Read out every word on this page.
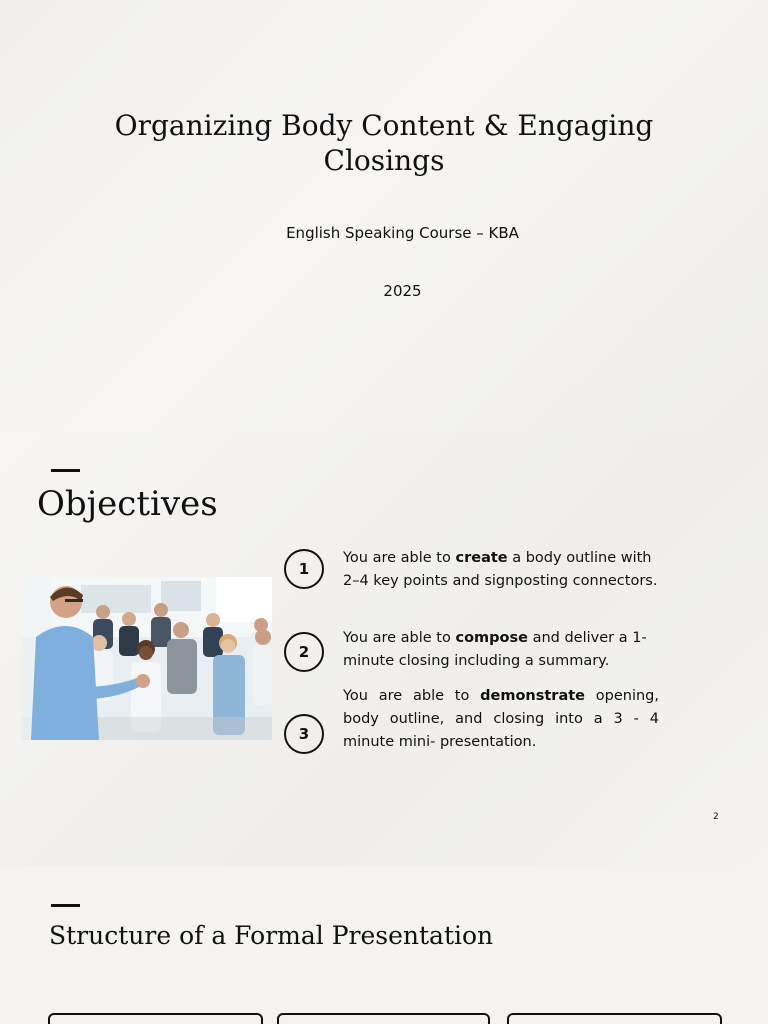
Organizing Body Content & Engaging Closings

English Speaking Course – KBA

2025

Objectives
1

You are able to create a body outline with 2–4 key points and signposting connectors.

2

You are able to compose and deliver a 1-minute closing including a summary.

3

You are able to demonstrate opening, body outline, and closing into a 3 - 4 minute mini- presentation.

2
Structure of a Formal Presentation
